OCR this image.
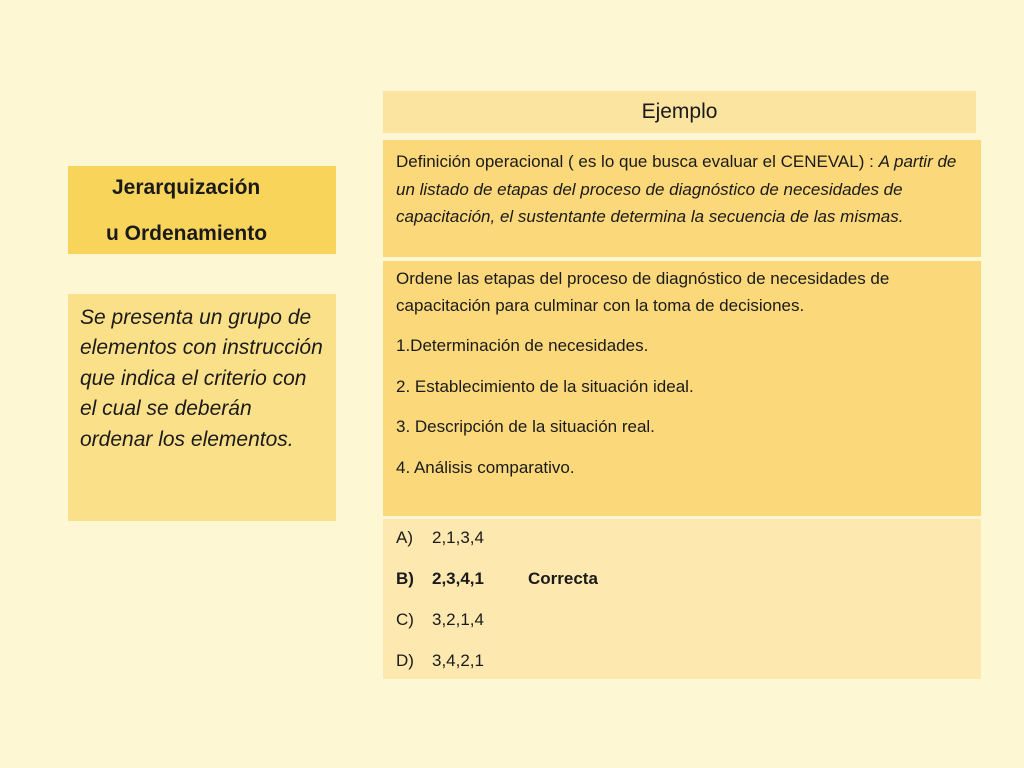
Jerarquización
u Ordenamiento
Se presenta un grupo de elementos con instrucción que indica el criterio con el cual se deberán ordenar los elementos.
Ejemplo
Definición operacional ( es lo que busca evaluar el CENEVAL) : A partir de un listado de etapas del proceso de diagnóstico de necesidades de capacitación, el sustentante determina la secuencia de las mismas.

Ordene las etapas del proceso de diagnóstico de necesidades de capacitación para culminar con la toma de decisiones.

1.Determinación de necesidades.

2. Establecimiento de la situación ideal.

3. Descripción de la situación real.

4. Análisis comparativo.

A) 2,1,3,4
B) 2,3,4,1	Correcta
C) 3,2,1,4
D) 3,4,2,1
